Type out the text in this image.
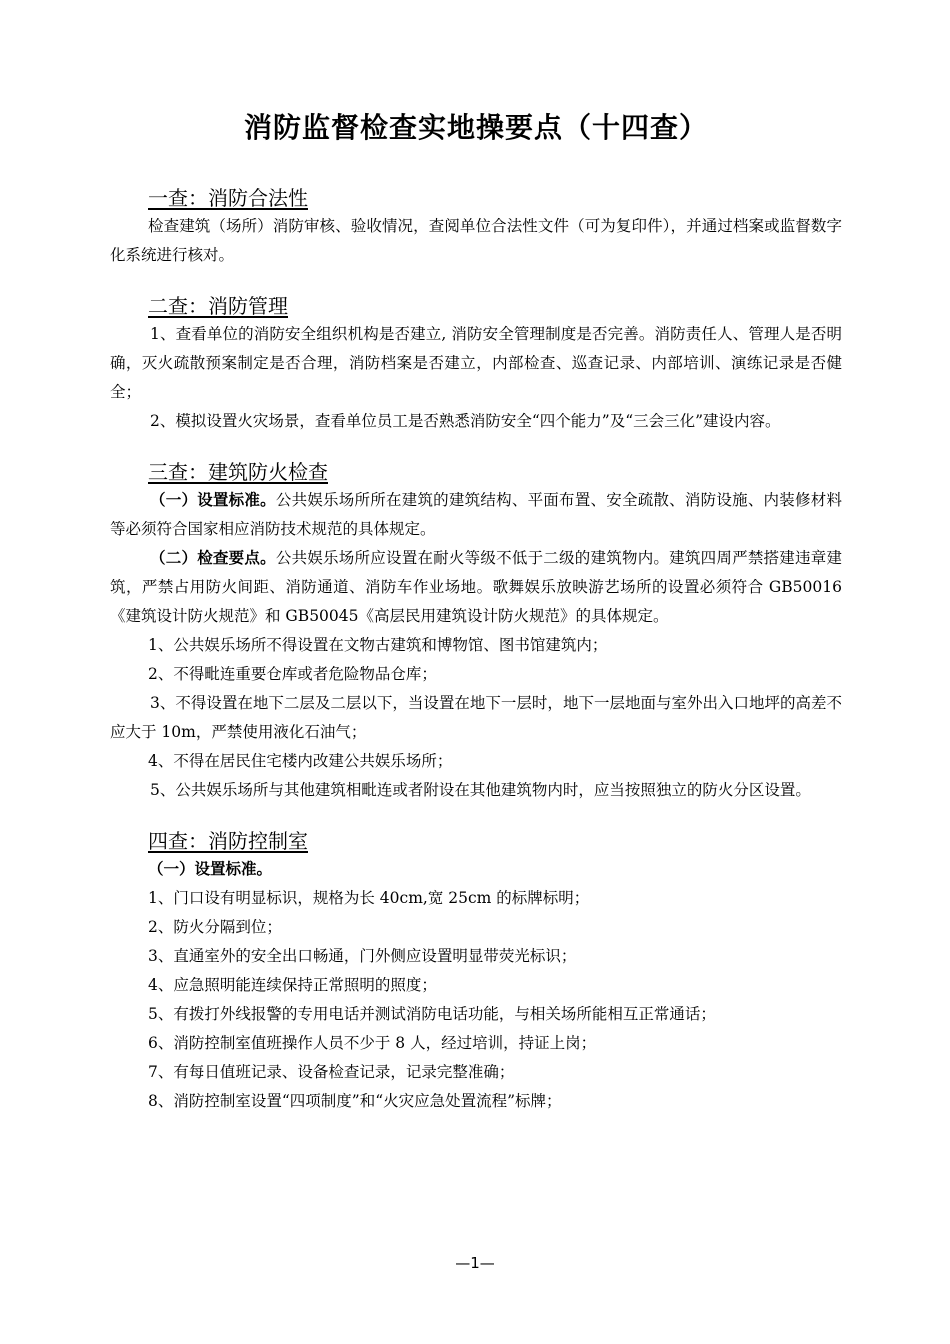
消防监督检查实地操要点（十四查）
一查：消防合法性

检查建筑（场所）消防审核、验收情况，查阅单位合法性文件（可为复印件），并通过档案或监督数字化系统进行核对。

二查：消防管理

1、查看单位的消防安全组织机构是否建立, 消防安全管理制度是否完善。消防责任人、管理人是否明确，灭火疏散预案制定是否合理，消防档案是否建立，内部检查、巡查记录、内部培训、演练记录是否健全；

2、模拟设置火灾场景，查看单位员工是否熟悉消防安全“四个能力”及“三会三化”建设内容。

三查：建筑防火检查

（一）设置标准。公共娱乐场所所在建筑的建筑结构、平面布置、安全疏散、消防设施、内装修材料等必须符合国家相应消防技术规范的具体规定。

（二）检查要点。公共娱乐场所应设置在耐火等级不低于二级的建筑物内。建筑四周严禁搭建违章建筑，严禁占用防火间距、消防通道、消防车作业场地。歌舞娱乐放映游艺场所的设置必须符合 GB50016《建筑设计防火规范》和 GB50045《高层民用建筑设计防火规范》的具体规定。

1、公共娱乐场所不得设置在文物古建筑和博物馆、图书馆建筑内；

2、不得毗连重要仓库或者危险物品仓库；

3、不得设置在地下二层及二层以下，当设置在地下一层时，地下一层地面与室外出入口地坪的高差不应大于 10m，严禁使用液化石油气；

4、不得在居民住宅楼内改建公共娱乐场所；

5、公共娱乐场所与其他建筑相毗连或者附设在其他建筑物内时，应当按照独立的防火分区设置。

四查：消防控制室

（一）设置标准。

1、门口设有明显标识，规格为长 40cm,宽 25cm 的标牌标明；

2、防火分隔到位；

3、直通室外的安全出口畅通，门外侧应设置明显带荧光标识；

4、应急照明能连续保持正常照明的照度；

5、有拨打外线报警的专用电话并测试消防电话功能，与相关场所能相互正常通话；

6、消防控制室值班操作人员不少于 8 人，经过培训，持证上岗；

7、有每日值班记录、设备检查记录，记录完整准确；

8、消防控制室设置“四项制度”和“火灾应急处置流程”标牌；

—1—
